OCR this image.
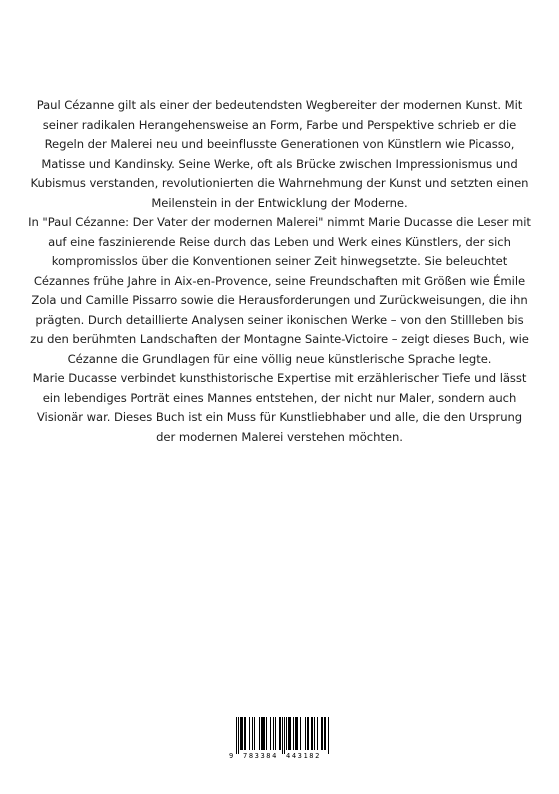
Paul Cézanne gilt als einer der bedeutendsten Wegbereiter der modernen Kunst. Mit seiner radikalen Herangehensweise an Form, Farbe und Perspektive schrieb er die Regeln der Malerei neu und beeinflusste Generationen von Künstlern wie Picasso, Matisse und Kandinsky. Seine Werke, oft als Brücke zwischen Impressionismus und Kubismus verstanden, revolutionierten die Wahrnehmung der Kunst und setzten einen Meilenstein in der Entwicklung der Moderne.

In "Paul Cézanne: Der Vater der modernen Malerei" nimmt Marie Ducasse die Leser mit auf eine faszinierende Reise durch das Leben und Werk eines Künstlers, der sich kompromisslos über die Konventionen seiner Zeit hinwegsetzte. Sie beleuchtet Cézannes frühe Jahre in Aix-en-Provence, seine Freundschaften mit Größen wie Émile Zola und Camille Pissarro sowie die Herausforderungen und Zurückweisungen, die ihn prägten. Durch detaillierte Analysen seiner ikonischen Werke – von den Stillleben bis zu den berühmten Landschaften der Montagne Sainte-Victoire – zeigt dieses Buch, wie Cézanne die Grundlagen für eine völlig neue künstlerische Sprache legte.

Marie Ducasse verbindet kunsthistorische Expertise mit erzählerischer Tiefe und lässt ein lebendiges Porträt eines Mannes entstehen, der nicht nur Maler, sondern auch Visionär war. Dieses Buch ist ein Muss für Kunstliebhaber und alle, die den Ursprung der modernen Malerei verstehen möchten.

9 783384 443182
